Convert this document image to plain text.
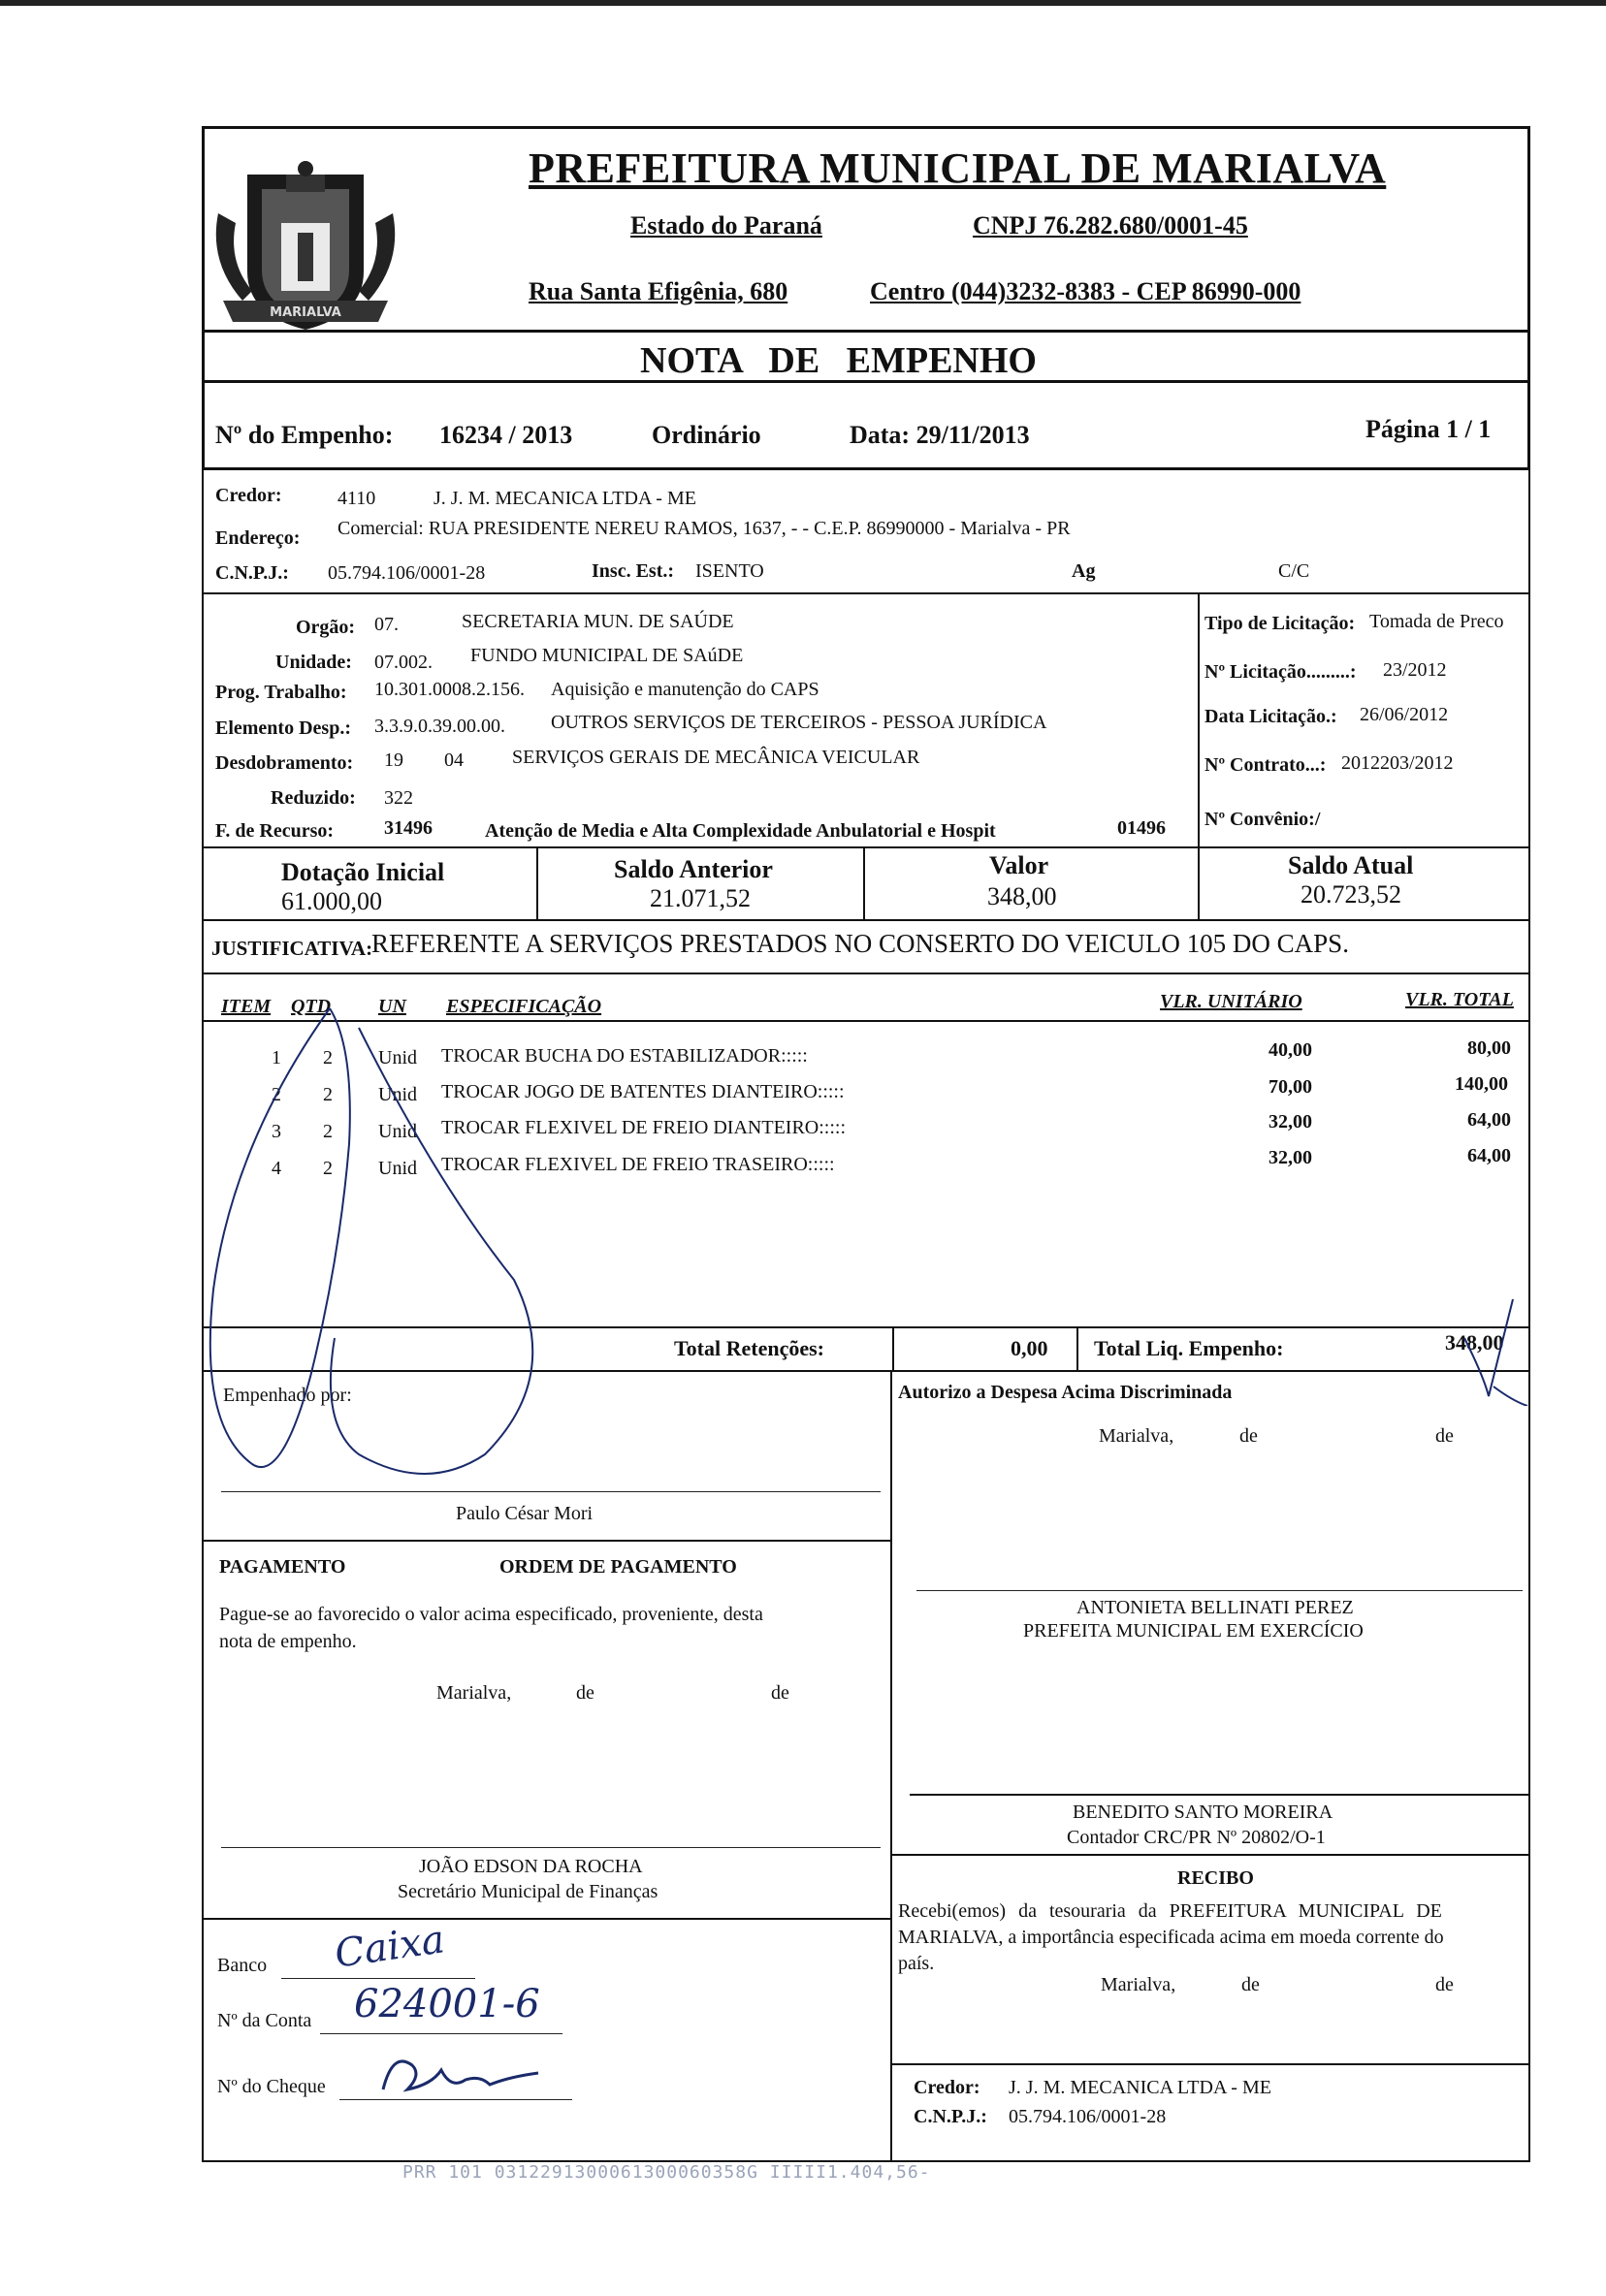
MARIALVA
PREFEITURA MUNICIPAL DE MARIALVA
Estado do Paraná	CNPJ 76.282.680/0001-45
Rua Santa Efigênia, 680	Centro (044)3232-8383 - CEP 86990-000
NOTA DE EMPENHO
Nº do Empenho: 16234 / 2013	Ordinário	Data: 29/11/2013	Página 1 / 1
Credor:	4110	J. J. M. MECANICA LTDA - ME
Endereço: Comercial: RUA PRESIDENTE NEREU RAMOS, 1637, - - C.E.P. 86990000 - Marialva - PR
C.N.P.J.: 05.794.106/0001-28	Insc. Est.: ISENTO	Ag	C/C
Orgão: 07.	SECRETARIA MUN. DE SAÚDE
Unidade: 07.002. FUNDO MUNICIPAL DE SAúDE
Prog. Trabalho: 10.301.0008.2.156. Aquisição e manutenção do CAPS
Elemento Desp.: 3.3.9.0.39.00.00. OUTROS SERVIÇOS DE TERCEIROS - PESSOA JURÍDICA
Desdobramento: 19 04	SERVIÇOS GERAIS DE MECÂNICA VEICULAR
Reduzido: 322
F. de Recurso:	31496	Atenção de Media e Alta Complexidade Anbulatorial e Hospit	01496
Tipo de Licitação: Tomada de Preco
Nº Licitação.........: 23/2012
Data Licitação.: 26/06/2012
Nº Contrato...: 2012203/2012
Nº Convênio:/
Dotação Inicial
61.000,00
Saldo Anterior
21.071,52
Valor
348,00
Saldo Atual
20.723,52
JUSTIFICATIVA:
REFERENTE A SERVIÇOS PRESTADOS NO CONSERTO DO VEICULO 105 DO CAPS.
ITEM QTD UN ESPECIFICAÇÃO	VLR. UNITÁRIO	VLR. TOTAL
1 2 Unid TROCAR BUCHA DO ESTABILIZADOR:::::	40,00	80,00
2 2 Unid TROCAR JOGO DE BATENTES DIANTEIRO:::::	70,00	140,00
3 2 Unid TROCAR FLEXIVEL DE FREIO DIANTEIRO:::::	32,00	64,00
4 2 Unid TROCAR FLEXIVEL DE FREIO TRASEIRO:::::	32,00	64,00
Total Retenções:	0,00 Total Liq. Empenho:	348,00
Empenhado por:
Paulo César Mori
PAGAMENTO	ORDEM DE PAGAMENTO
Pague-se ao favorecido o valor acima especificado, proveniente, desta
nota de empenho.
Marialva,	de	de
JOÃO EDSON DA ROCHA
Secretário Municipal de Finanças
Banco Caixa
Nº da Conta 624001-6
Nº do Cheque
Autorizo a Despesa Acima Discriminada
Marialva,	de	de
ANTONIETA BELLINATI PEREZ
PREFEITA MUNICIPAL EM EXERCÍCIO
BENEDITO SANTO MOREIRA
Contador CRC/PR Nº 20802/O-1
RECIBO
Recebi(emos) da tesouraria da PREFEITURA MUNICIPAL DE
MARIALVA, a importância especificada acima em moeda corrente do
país.
Marialva,	de	de
Credor: J. J. M. MECANICA LTDA - ME
C.N.P.J.: 05.794.106/0001-28
PRR 101 0312291300061300060358G IIIII1.404,56-
